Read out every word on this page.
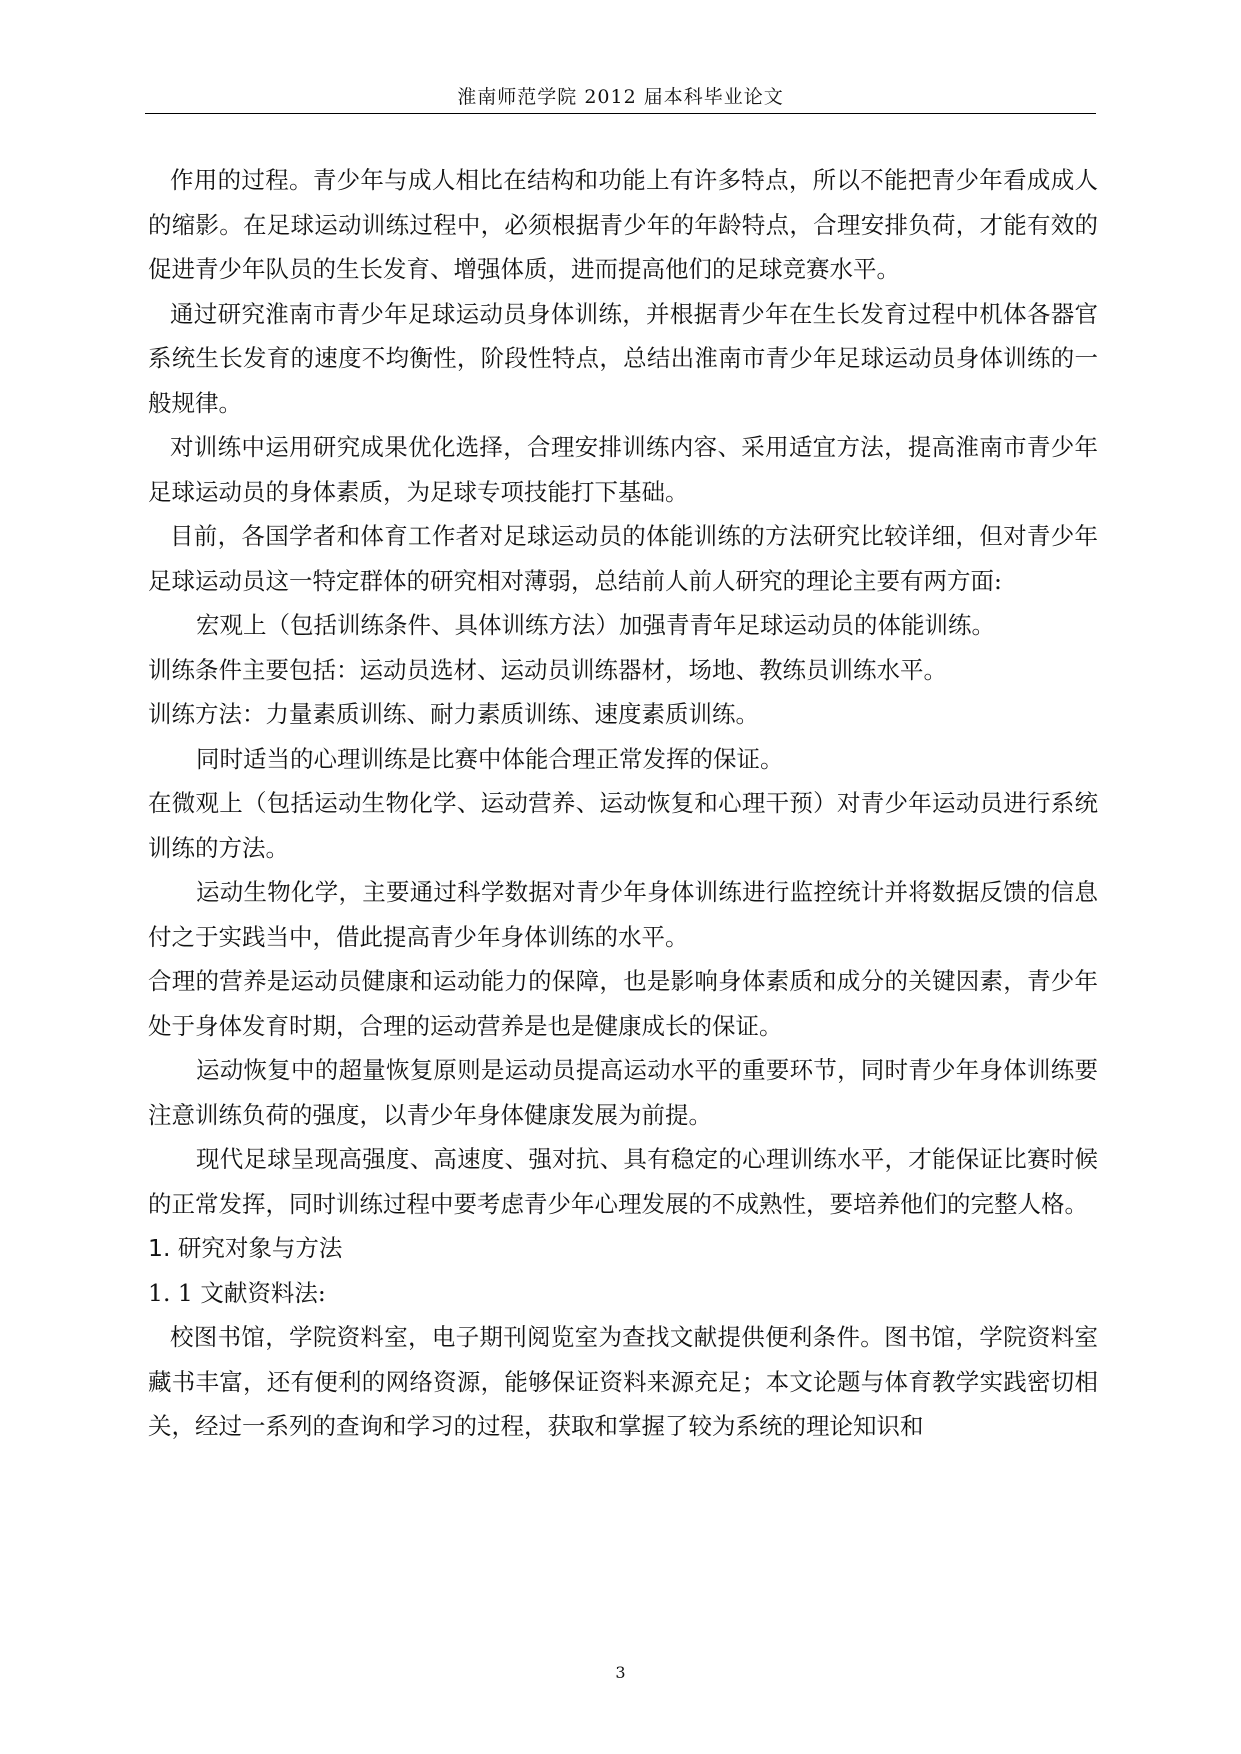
淮南师范学院 2012 届本科毕业论文

作用的过程。青少年与成人相比在结构和功能上有许多特点，所以不能把青少年看成成人的缩影。在足球运动训练过程中，必须根据青少年的年龄特点，合理安排负荷，才能有效的促进青少年队员的生长发育、增强体质，进而提高他们的足球竞赛水平。

通过研究淮南市青少年足球运动员身体训练，并根据青少年在生长发育过程中机体各器官系统生长发育的速度不均衡性，阶段性特点，总结出淮南市青少年足球运动员身体训练的一般规律。

对训练中运用研究成果优化选择，合理安排训练内容、采用适宜方法，提高淮南市青少年足球运动员的身体素质，为足球专项技能打下基础。

目前，各国学者和体育工作者对足球运动员的体能训练的方法研究比较详细，但对青少年足球运动员这一特定群体的研究相对薄弱，总结前人前人研究的理论主要有两方面:

宏观上（包括训练条件、具体训练方法）加强青青年足球运动员的体能训练。

训练条件主要包括：运动员选材、运动员训练器材，场地、教练员训练水平。

训练方法：力量素质训练、耐力素质训练、速度素质训练。

同时适当的心理训练是比赛中体能合理正常发挥的保证。

在微观上（包括运动生物化学、运动营养、运动恢复和心理干预）对青少年运动员进行系统训练的方法。

运动生物化学，主要通过科学数据对青少年身体训练进行监控统计并将数据反馈的信息付之于实践当中，借此提高青少年身体训练的水平。

合理的营养是运动员健康和运动能力的保障，也是影响身体素质和成分的关键因素，青少年处于身体发育时期，合理的运动营养是也是健康成长的保证。

运动恢复中的超量恢复原则是运动员提高运动水平的重要环节，同时青少年身体训练要注意训练负荷的强度，以青少年身体健康发展为前提。

现代足球呈现高强度、高速度、强对抗、具有稳定的心理训练水平，才能保证比赛时候的正常发挥，同时训练过程中要考虑青少年心理发展的不成熟性，要培养他们的完整人格。

1. 研究对象与方法

1. 1 文献资料法:

校图书馆，学院资料室，电子期刊阅览室为查找文献提供便利条件。图书馆，学院资料室藏书丰富，还有便利的网络资源，能够保证资料来源充足；本文论题与体育教学实践密切相关，经过一系列的查询和学习的过程，获取和掌握了较为系统的理论知识和

3
